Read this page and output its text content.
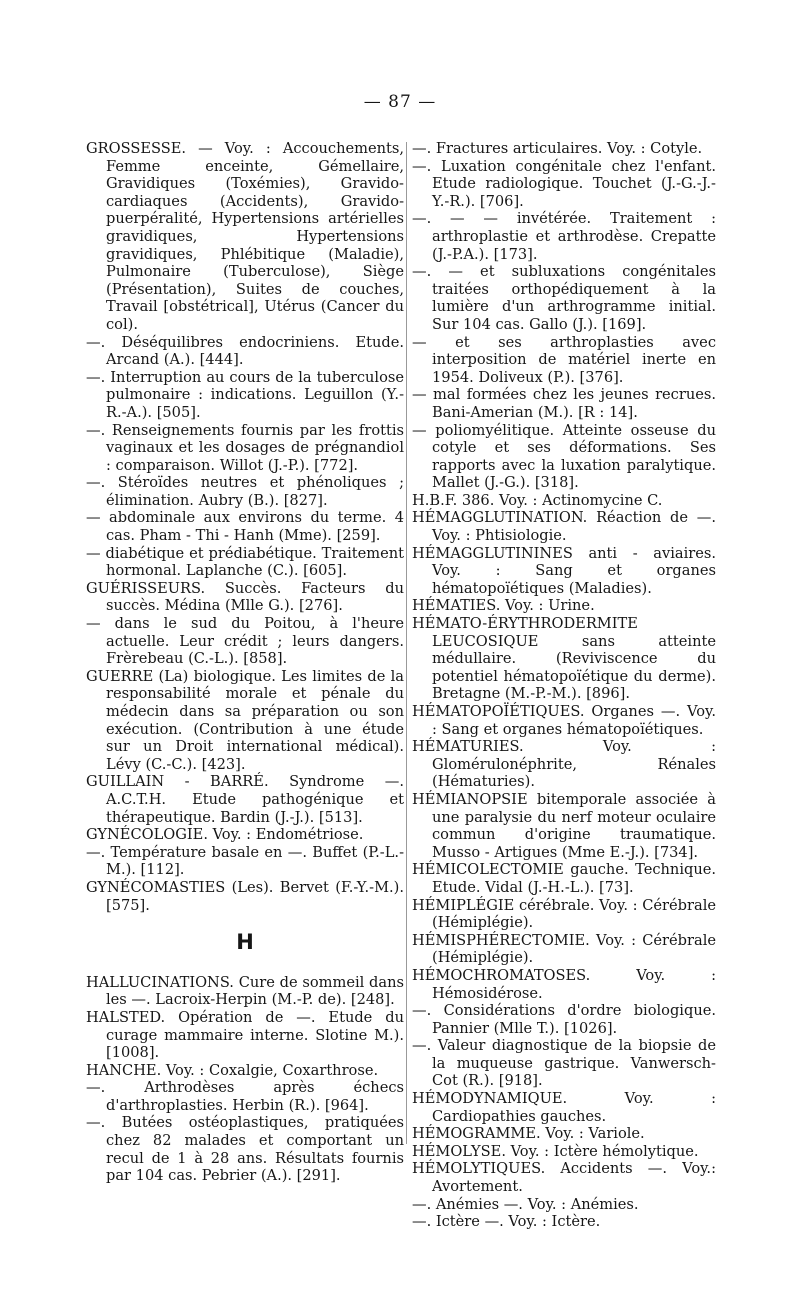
— 87 —

GROSSESSE. — Voy. : Accouchements, Femme enceinte, Gémellaire, Gravidiques (Toxémies), Gravido-cardiaques (Accidents), Gravido-puerpéralité, Hypertensions artérielles gravidiques, Hypertensions gravidiques, Phlébitique (Maladie), Pulmonaire (Tuberculose), Siège (Présentation), Suites de couches, Travail [obstétrical], Utérus (Cancer du col).

—. Déséquilibres endocriniens. Etude. Arcand (A.). [444].

—. Interruption au cours de la tuberculose pulmonaire : indications. Leguillon (Y.-R.-A.). [505].

—. Renseignements fournis par les frottis vaginaux et les dosages de prégnandiol : comparaison. Willot (J.-P.). [772].

—. Stéroïdes neutres et phénoliques ; élimination. Aubry (B.). [827].

— abdominale aux environs du terme. 4 cas. Pham - Thi - Hanh (Mme). [259].

— diabétique et prédiabétique. Traitement hormonal. Laplanche (C.). [605].

GUÉRISSEURS. Succès. Facteurs du succès. Médina (Mlle G.). [276].

— dans le sud du Poitou, à l'heure actuelle. Leur crédit ; leurs dangers. Frèrebeau (C.-L.). [858].

GUERRE (La) biologique. Les limites de la responsabilité morale et pénale du médecin dans sa préparation ou son exécution. (Contribution à une étude sur un Droit international médical). Lévy (C.-C.). [423].

GUILLAIN - BARRÉ. Syndrome —. A.C.T.H. Etude pathogénique et thérapeutique. Bardin (J.-J.). [513].

GYNÉCOLOGIE. Voy. : Endométriose.

—. Température basale en —. Buffet (P.-L.-M.). [112].

GYNÉCOMASTIES (Les). Bervet (F.-Y.-M.). [575].

H

HALLUCINATIONS. Cure de sommeil dans les —. Lacroix-Herpin (M.-P. de). [248].

HALSTED. Opération de —. Etude du curage mammaire interne. Slotine M.). [1008].

HANCHE. Voy. : Coxalgie, Coxarthrose.

—. Arthrodèses après échecs d'arthroplasties. Herbin (R.). [964].

—. Butées ostéoplastiques, pratiquées chez 82 malades et comportant un recul de 1 à 28 ans. Résultats fournis par 104 cas. Pebrier (A.). [291].

—. Fractures articulaires. Voy. : Cotyle.

—. Luxation congénitale chez l'enfant. Etude radiologique. Touchet (J.-G.-J.-Y.-R.). [706].

—. — — invétérée. Traitement : arthroplastie et arthrodèse. Crepatte (J.-P.A.). [173].

—. — et subluxations congénitales traitées orthopédiquement à la lumière d'un arthrogramme initial. Sur 104 cas. Gallo (J.). [169].

— et ses arthroplasties avec interposition de matériel inerte en 1954. Doliveux (P.). [376].

— mal formées chez les jeunes recrues. Bani-Amerian (M.). [R : 14].

— poliomyélitique. Atteinte osseuse du cotyle et ses déformations. Ses rapports avec la luxation paralytique. Mallet (J.-G.). [318].

H.B.F. 386. Voy. : Actinomycine C.

HÉMAGGLUTINATION. Réaction de —. Voy. : Phtisiologie.

HÉMAGGLUTININES anti - aviaires. Voy. : Sang et organes hématopoïétiques (Maladies).

HÉMATIES. Voy. : Urine.

HÉMATO-ÉRYTHRODERMITE LEUCOSIQUE sans atteinte médullaire. (Reviviscence du potentiel hématopoïétique du derme). Bretagne (M.-P.-M.). [896].

HÉMATOPOÏÉTIQUES. Organes —. Voy. : Sang et organes hématopoïétiques.

HÉMATURIES. Voy. : Glomérulonéphrite, Rénales (Hématuries).

HÉMIANOPSIE bitemporale associée à une paralysie du nerf moteur oculaire commun d'origine traumatique. Musso - Artigues (Mme E.-J.). [734].

HÉMICOLECTOMIE gauche. Technique. Etude. Vidal (J.-H.-L.). [73].

HÉMIPLÉGIE cérébrale. Voy. : Cérébrale (Hémiplégie).

HÉMISPHÉRECTOMIE. Voy. : Cérébrale (Hémiplégie).

HÉMOCHROMATOSES. Voy. : Hémosidérose.

—. Considérations d'ordre biologique. Pannier (Mlle T.). [1026].

—. Valeur diagnostique de la biopsie de la muqueuse gastrique. Vanwersch-Cot (R.). [918].

HÉMODYNAMIQUE. Voy. : Cardiopathies gauches.

HÉMOGRAMME. Voy. : Variole.

HÉMOLYSE. Voy. : Ictère hémolytique.

HÉMOLYTIQUES. Accidents —. Voy.: Avortement.

—. Anémies —. Voy. : Anémies.

—. Ictère —. Voy. : Ictère.
